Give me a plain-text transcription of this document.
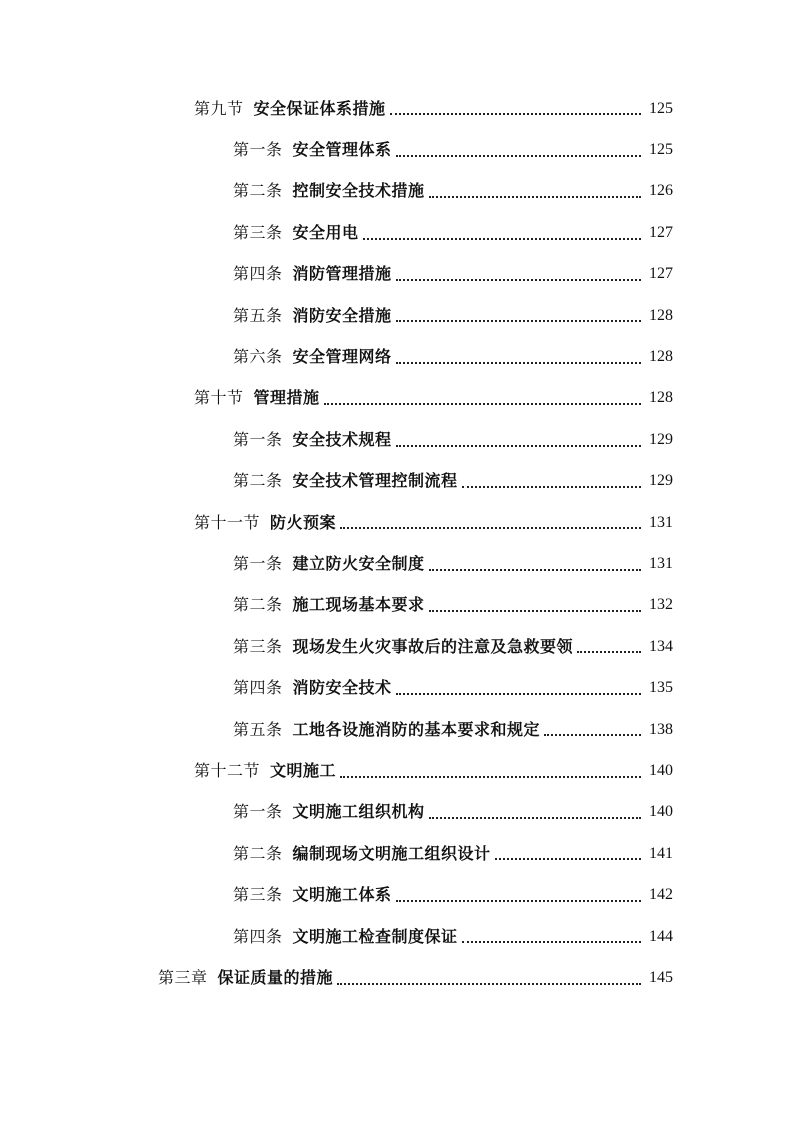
第九节 安全保证体系措施	125
第一条 安全管理体系	125
第二条 控制安全技术措施	126
第三条 安全用电	127
第四条 消防管理措施	127
第五条 消防安全措施	128
第六条 安全管理网络	128
第十节 管理措施	128
第一条 安全技术规程	129
第二条 安全技术管理控制流程	129
第十一节 防火预案	131
第一条 建立防火安全制度	131
第二条 施工现场基本要求	132
第三条 现场发生火灾事故后的注意及急救要领	134
第四条 消防安全技术	135
第五条 工地各设施消防的基本要求和规定	138
第十二节 文明施工	140
第一条 文明施工组织机构	140
第二条 编制现场文明施工组织设计	141
第三条 文明施工体系	142
第四条 文明施工检查制度保证	144
第三章 保证质量的措施	145
